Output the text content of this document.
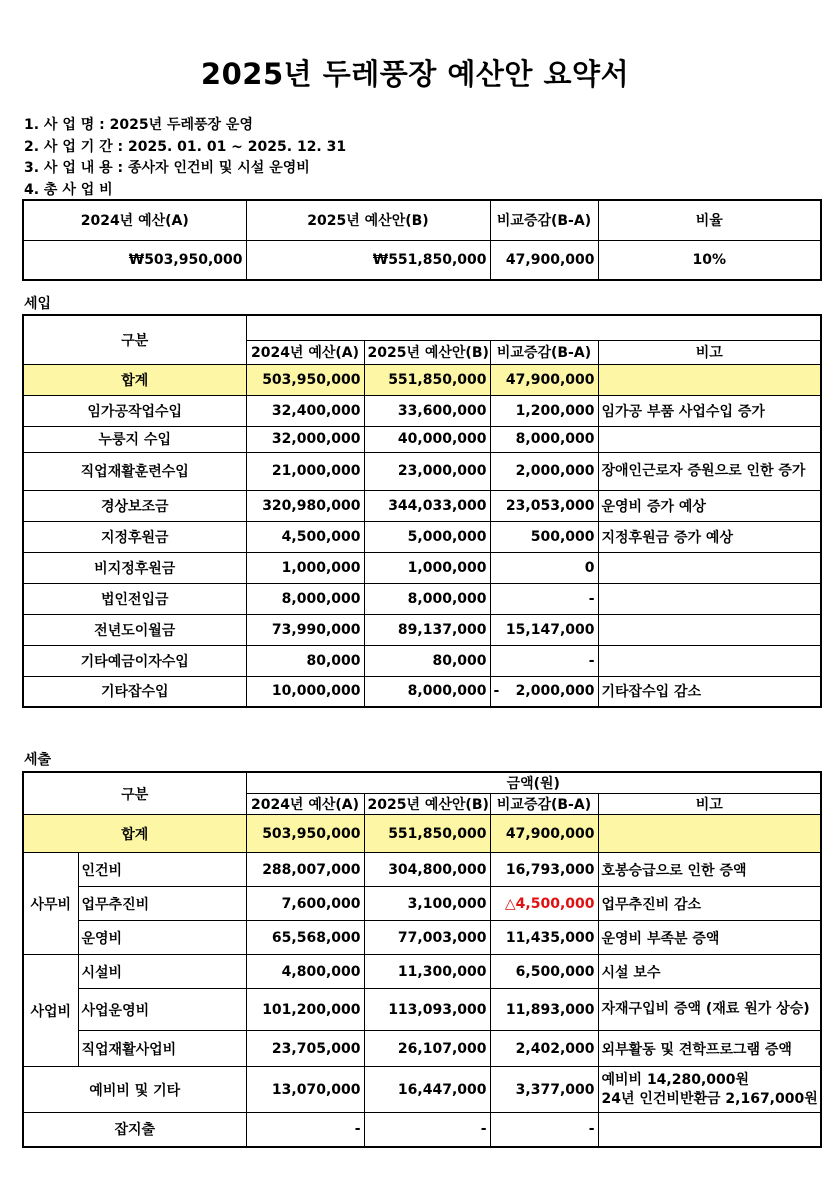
2025년 두레풍장 예산안 요약서
1. 사 업 명 : 2025년 두레풍장 운영
2. 사 업 기 간 : 2025. 01. 01 ~ 2025. 12. 31
3. 사 업 내 용 : 종사자 인건비 및 시설 운영비
4. 총 사 업 비
2024년 예산(A)	2025년 예산안(B)	비교증감(B-A)	비율
₩503,950,000	₩551,850,000	47,900,000	10%
세입
구분				
	2024년 예산(A)	2025년 예산안(B)	비교증감(B-A)	비고
합계	503,950,000	551,850,000	47,900,000	
임가공작업수입	32,400,000	33,600,000	1,200,000	임가공 부품 사업수입 증가
누룽지 수입	32,000,000	40,000,000	8,000,000	
직업재활훈련수입	21,000,000	23,000,000	2,000,000	장애인근로자 증원으로 인한 증가
경상보조금	320,980,000	344,033,000	23,053,000	운영비 증가 예상
지정후원금	4,500,000	5,000,000	500,000	지정후원금 증가 예상
비지정후원금	1,000,000	1,000,000	0	
법인전입금	8,000,000	8,000,000	-	
전년도이월금	73,990,000	89,137,000	15,147,000	
기타예금이자수입	80,000	80,000	-	
기타잡수입	10,000,000	8,000,000	- 2,000,000	기타잡수입 감소
세출
구분		금액(원)			
		2024년 예산(A)	2025년 예산안(B)	비교증감(B-A)	비고
합계		503,950,000	551,850,000	47,900,000	
사무비	인건비	288,007,000	304,800,000	16,793,000	호봉승급으로 인한 증액
	업무추진비	7,600,000	3,100,000	△4,500,000	업무추진비 감소
	운영비	65,568,000	77,003,000	11,435,000	운영비 부족분 증액
사업비	시설비	4,800,000	11,300,000	6,500,000	시설 보수
	사업운영비	101,200,000	113,093,000	11,893,000	자재구입비 증액 (재료 원가 상승)
	직업재활사업비	23,705,000	26,107,000	2,402,000	외부활동 및 견학프로그램 증액
예비비 및 기타		13,070,000	16,447,000	3,377,000	예비비 14,280,000원
24년 인건비반환금 2,167,000원

잡지출		-	-	-	
